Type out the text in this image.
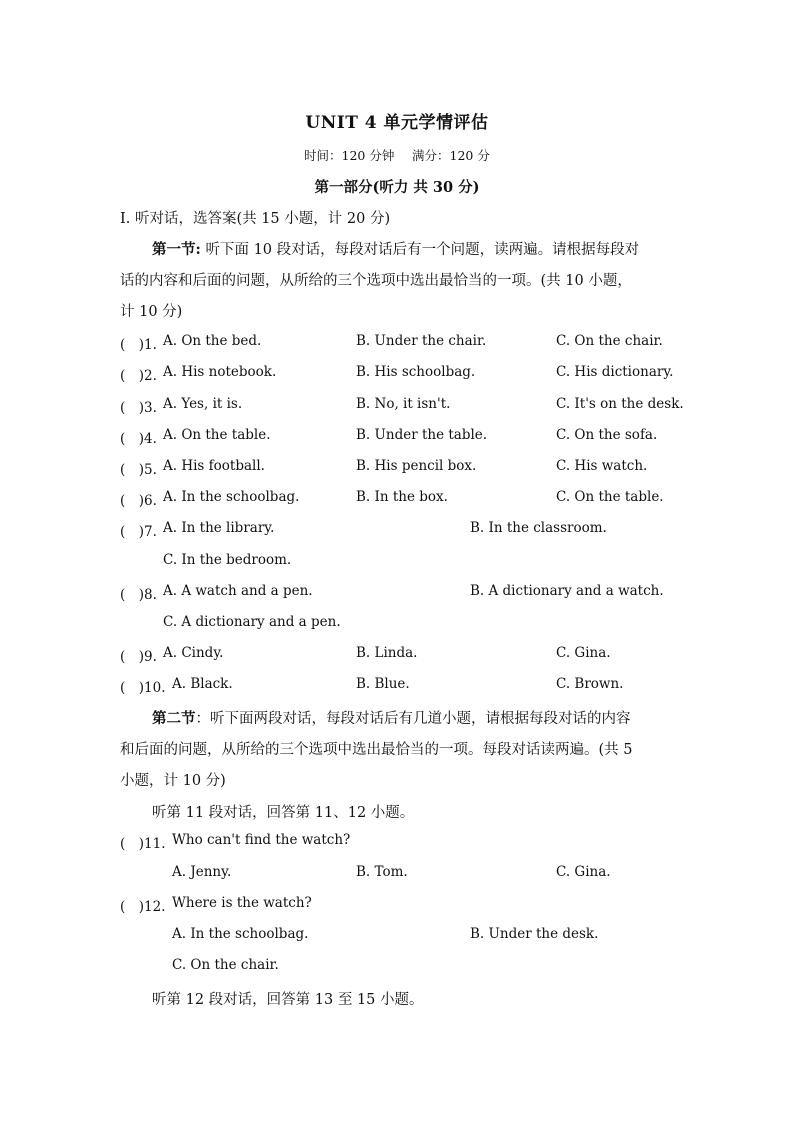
UNIT 4 单元学情评估
时间：120 分钟 满分：120 分
第一部分(听力 共 30 分)
Ⅰ. 听对话，选答案(共 15 小题，计 20 分)
第一节: 听下面 10 段对话，每段对话后有一个问题，读两遍。请根据每段对
话的内容和后面的问题，从所给的三个选项中选出最恰当的一项。(共 10 小题，
计 10 分)
(　)1. A. On the bed.	B. Under the chair.	C. On the chair.
(　)2. A. His notebook.	B. His schoolbag.	C. His dictionary.
(　)3. A. Yes, it is.	B. No, it isn't.	C. It's on the desk.
(　)4. A. On the table.	B. Under the table.	C. On the sofa.
(　)5. A. His football.	B. His pencil box.	C. His watch.
(　)6. A. In the schoolbag.	B. In the box.	C. On the table.
(　)7. A. In the library.	B. In the classroom.
C. In the bedroom.
(　)8. A. A watch and a pen.	B. A dictionary and a watch.
C. A dictionary and a pen.
(　)9. A. Cindy.	B. Linda.	C. Gina.
(　)10. A. Black.	B. Blue.	C. Brown.
第二节：听下面两段对话，每段对话后有几道小题，请根据每段对话的内容
和后面的问题，从所给的三个选项中选出最恰当的一项。每段对话读两遍。(共 5
小题，计 10 分)
听第 11 段对话，回答第 11、12 小题。
(　)11. Who can't find the watch?
A. Jenny.	B. Tom.	C. Gina.
(　)12. Where is the watch?
A. In the schoolbag.	B. Under the desk.
C. On the chair.
听第 12 段对话，回答第 13 至 15 小题。
